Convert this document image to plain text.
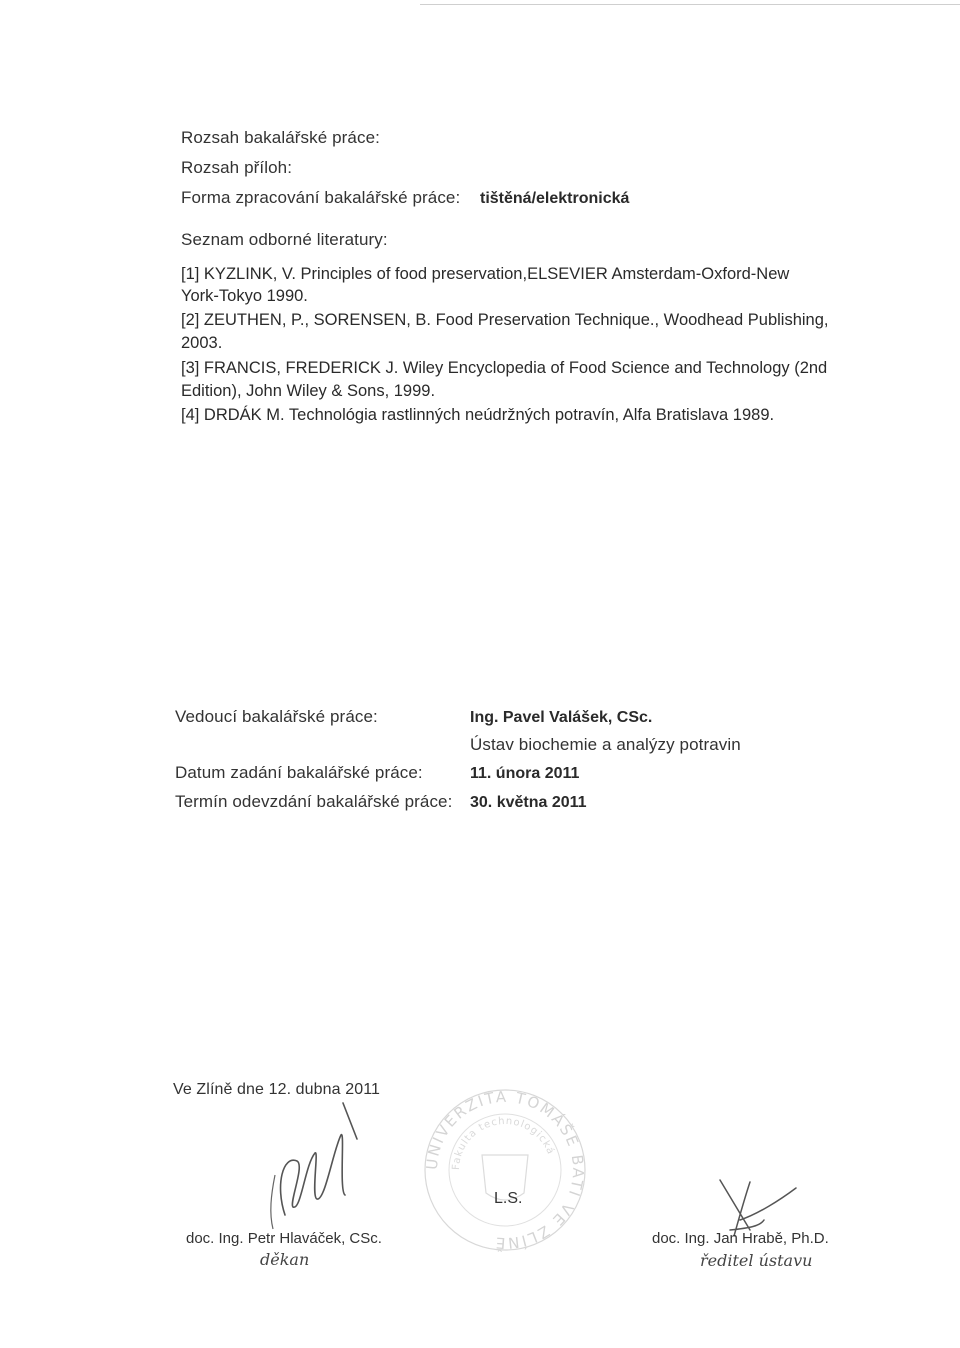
Rozsah bakalářské práce:
Rozsah příloh:
Forma zpracování bakalářské práce: tištěná/elektronická
Seznam odborné literatury:
[1] KYZLINK, V. Principles of food preservation,ELSEVIER Amsterdam-Oxford-New
York-Tokyo 1990.
[2] ZEUTHEN, P., SORENSEN, B. Food Preservation Technique., Woodhead Publishing,
2003.
[3] FRANCIS, FREDERICK J. Wiley Encyclopedia of Food Science and Technology (2nd
Edition), John Wiley & Sons, 1999.
[4] DRDÁK M. Technológia rastlinných neúdržných potravín, Alfa Bratislava 1989.
Vedoucí bakalářské práce:	Ing. Pavel Valášek, CSc.
Ústav biochemie a analýzy potravin
Datum zadání bakalářské práce:	11. února 2011
Termín odevzdání bakalářské práce: 30. května 2011
Ve Zlíně dne 12. dubna 2011
doc. Ing. Petr Hlaváček, CSc.
děkan
UNIVERZITA TOMÁŠE BATI VE ZLÍNĚ
Fakulta technologická
L.S.
doc. Ing. Jan Hrabě, Ph.D.
ředitel ústavu
